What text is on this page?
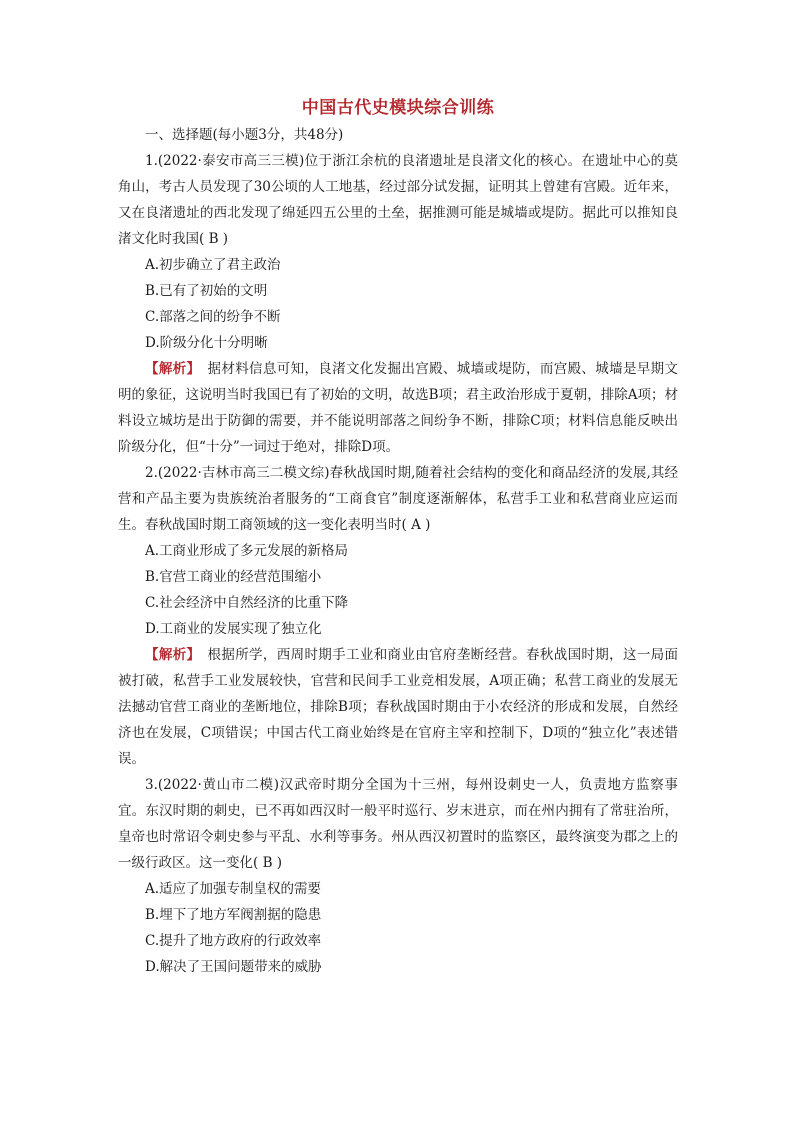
中国古代史模块综合训练
一、选择题(每小题3分，共48分)

1.(2022·泰安市高三三模)位于浙江余杭的良渚遗址是良渚文化的核心。在遗址中心的莫角山，考古人员发现了30公顷的人工地基，经过部分试发掘，证明其上曾建有宫殿。近年来，又在良渚遗址的西北发现了绵延四五公里的土垒，据推测可能是城墙或堤防。据此可以推知良渚文化时我国( B )

A.初步确立了君主政治

B.已有了初始的文明

C.部落之间的纷争不断

D.阶级分化十分明晰

【解析】　据材料信息可知，良渚文化发掘出宫殿、城墙或堤防，而宫殿、城墙是早期文明的象征，这说明当时我国已有了初始的文明，故选B项；君主政治形成于夏朝，排除A项；材料设立城坊是出于防御的需要，并不能说明部落之间纷争不断，排除C项；材料信息能反映出阶级分化，但“十分”一词过于绝对，排除D项。

2.(2022·吉林市高三二模文综)春秋战国时期,随着社会结构的变化和商品经济的发展,其经营和产品主要为贵族统治者服务的“工商食官”制度逐渐解体，私营手工业和私营商业应运而生。春秋战国时期工商领域的这一变化表明当时( A )

A.工商业形成了多元发展的新格局

B.官营工商业的经营范围缩小

C.社会经济中自然经济的比重下降

D.工商业的发展实现了独立化

【解析】　根据所学，西周时期手工业和商业由官府垄断经营。春秋战国时期，这一局面被打破，私营手工业发展较快，官营和民间手工业竞相发展，A项正确；私营工商业的发展无法撼动官营工商业的垄断地位，排除B项；春秋战国时期由于小农经济的形成和发展，自然经济也在发展，C项错误；中国古代工商业始终是在官府主宰和控制下，D项的“独立化”表述错误。

3.(2022·黄山市二模)汉武帝时期分全国为十三州，每州设刺史一人，负责地方监察事宜。东汉时期的刺史，已不再如西汉时一般平时巡行、岁末进京，而在州内拥有了常驻治所，皇帝也时常诏令刺史参与平乱、水利等事务。州从西汉初置时的监察区，最终演变为郡之上的一级行政区。这一变化( B )

A.适应了加强专制皇权的需要

B.埋下了地方军阀割据的隐患

C.提升了地方政府的行政效率

D.解决了王国问题带来的威胁
